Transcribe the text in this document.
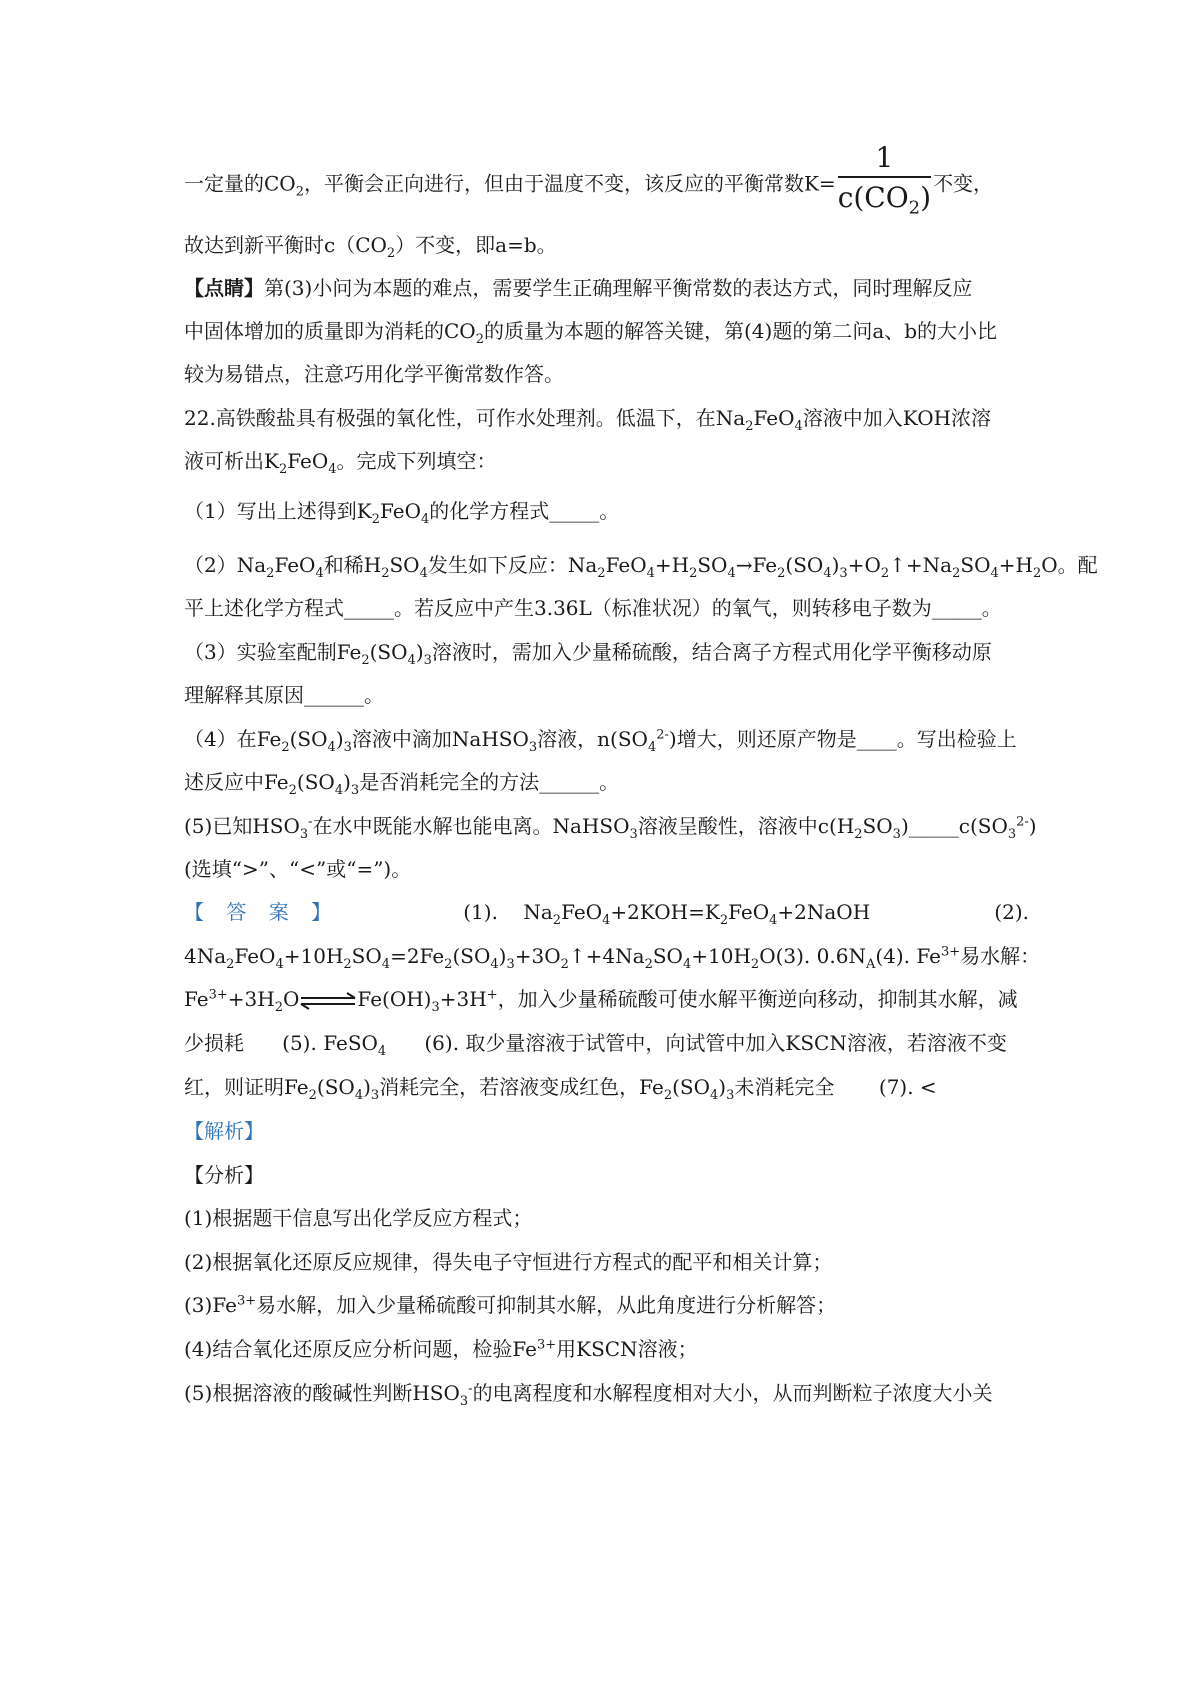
一定量的$CO_2$，平衡会正向进行，但由于温度不变，该反应的平衡常数$K= \frac{1}{c(CO_2)}$ 不变，
故达到新平衡时$c(CO_2)$不变，即a=b。
【点睛】第(3)小问为本题的难点，需要学生正确理解平衡常数的表达方式，同时理解反应
中固体增加的质量即为消耗的$CO_2$的质量为本题的解答关键，第(4)题的第二问a、b的大小比
较为易错点，注意巧用化学平衡常数作答。
22.高铁酸盐具有极强的氧化性，可作水处理剂。低温下，在$Na_2FeO_4$溶液中加入KOH浓溶
液可析出$K_2FeO_4$。完成下列填空：
（1）写出上述得到$K_2FeO_4$的化学方程式_____。
$(2)Na_2FeO_4$和稀$H_2SO_4$发生如下反应：$Na_2FeO_4+H_2SO_4\to Fe_2(SO_4)_3+O_2↑+Na_2SO_4+H_2O$。配
平上述化学方程式_____。若反应中产生3.36L（标准状况）的氧气，则转移电子数为_____。
（3）实验室配制$Fe_2(SO_4)_3$溶液时，需加入少量稀硫酸，结合离子方程式用化学平衡移动原
理解释其原因______。
（4）在$Fe_2(SO_4)_3$溶液中滴加NaHSO$_3$溶液，$n(SO_4^{2-})$增大，则还原产物是____。写出检验上
述反应中$Fe_2(SO_4)_3$是否消耗完全的方法______。
(5)已知$HSO_3^-$在水中既能水解也能电离。NaHSO$_3$溶液呈酸性，溶液中$c(H_2SO_3)\_\_\_\_\_c(SO_3^{2-})$
(选填“>”、“<”或“=”)。
【 答 案 】	(1). $Na_2FeO_4+2KOH=K_2FeO_4+2NaOH$	(2).
$4Na_2FeO_4+10H_2SO_4=2Fe_2(SO_4)_3+3O_2↑+4Na_2SO_4+10H_2O$ (3). $0.6N_A$ (4). $Fe^{3+}$易水解：
$Fe^{3+}+3H_2O\rightleftharpoons Fe(OH)_3+3H^+$，加入少量稀硫酸可使水解平衡逆向移动，抑制其水解，减
少损耗 (5). FeSO$_4$ (6). 取少量溶液于试管中，向试管中加入KSCN溶液，若溶液不变
红，则证明$Fe_2(SO_4)_3$消耗完全，若溶液变成红色，$Fe_2(SO_4)_3$未消耗完全 (7). <
【解析】
【分析】
(1)根据题干信息写出化学反应方程式；
(2)根据氧化还原反应规律，得失电子守恒进行方程式的配平和相关计算；
$(3)Fe^{3+}$易水解，加入少量稀硫酸可抑制其水解，从此角度进行分析解答；
(4)结合氧化还原反应分析问题，检验$Fe^{3+}$用KSCN溶液；
(5)根据溶液的酸碱性判断$HSO_3^-$的电离程度和水解程度相对大小，从而判断粒子浓度大小关
